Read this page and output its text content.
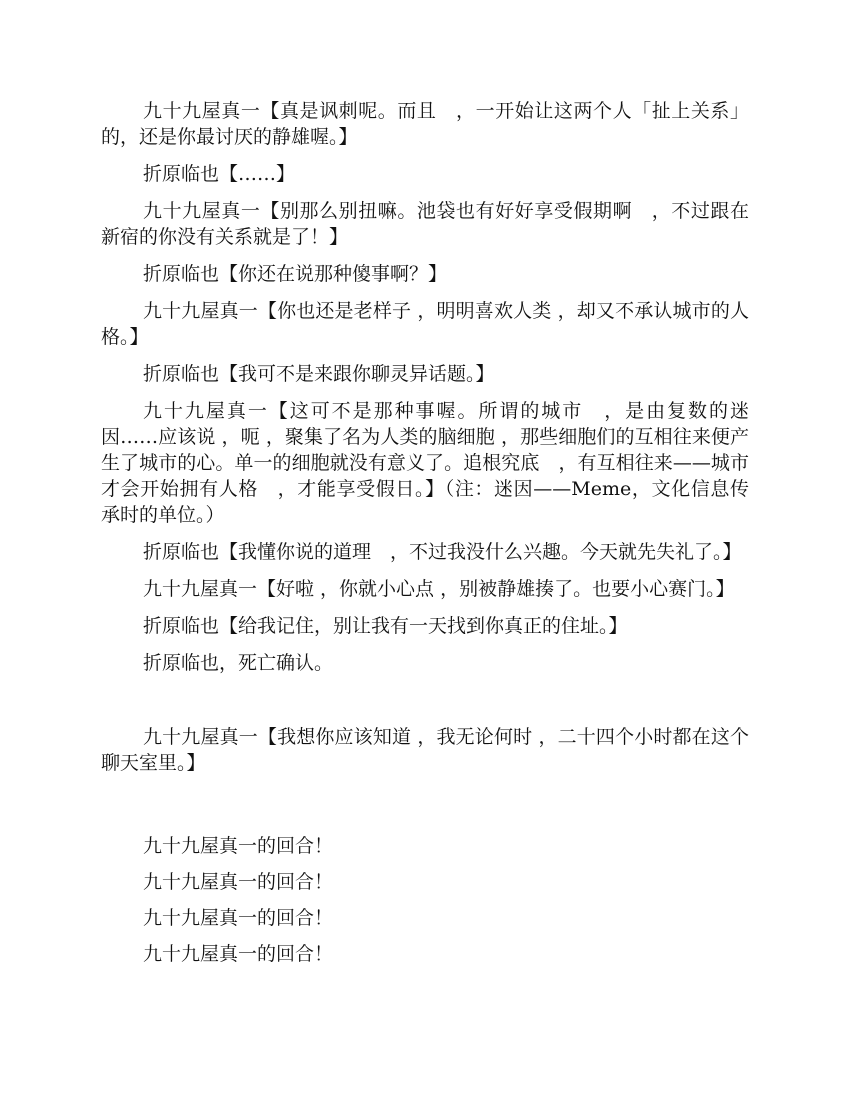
九十九屋真一【真是讽刺呢。而且　，一开始让这两个人「扯上关系」的，还是你最讨厌的静雄喔。】

折原临也【……】

九十九屋真一【别那么别扭嘛。池袋也有好好享受假期啊　，不过跟在新宿的你没有关系就是了！】

折原临也【你还在说那种傻事啊？】

九十九屋真一【你也还是老样子 ，明明喜欢人类 ，却又不承认城市的人格。】

折原临也【我可不是来跟你聊灵异话题。】

九十九屋真一【这可不是那种事喔。所谓的城市　，是由复数的迷因……应该说 ，呃 ，聚集了名为人类的脑细胞 ，那些细胞们的互相往来便产生了城市的心。单一的细胞就没有意义了。追根究底　，有互相往来——城市才会开始拥有人格　，才能享受假日。】（注：迷因——Meme，文化信息传承时的单位。）

折原临也【我懂你说的道理　，不过我没什么兴趣。今天就先失礼了。】

九十九屋真一【好啦 ，你就小心点 ，别被静雄揍了。也要小心赛门。】

折原临也【给我记住，别让我有一天找到你真正的住址。】

折原临也，死亡确认。

九十九屋真一【我想你应该知道 ，我无论何时 ，二十四个小时都在这个聊天室里。】

九十九屋真一的回合！

九十九屋真一的回合！

九十九屋真一的回合！

九十九屋真一的回合！
